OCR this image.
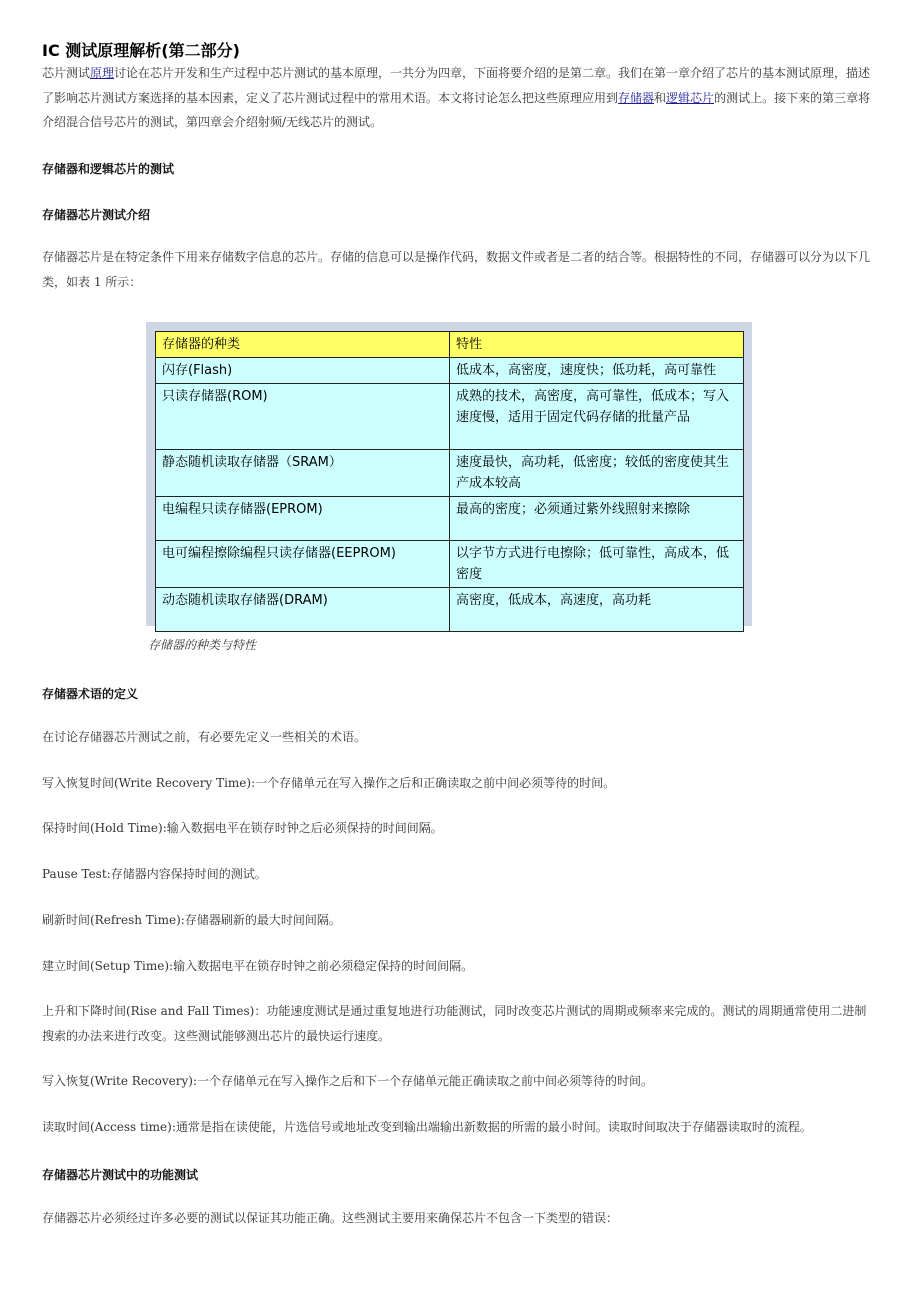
IC 测试原理解析(第二部分)
芯片测试原理讨论在芯片开发和生产过程中芯片测试的基本原理，一共分为四章，下面将要介绍的是第二章。我们在第一章介绍了芯片的基本测试原理，描述了影响芯片测试方案选择的基本因素，定义了芯片测试过程中的常用术语。本文将讨论怎么把这些原理应用到存储器和逻辑芯片的测试上。接下来的第三章将介绍混合信号芯片的测试，第四章会介绍射频/无线芯片的测试。
存储器和逻辑芯片的测试
存储器芯片测试介绍
存储器芯片是在特定条件下用来存储数字信息的芯片。存储的信息可以是操作代码，数据文件或者是二者的结合等。根据特性的不同，存储器可以分为以下几类，如表 1 所示：
存储器的种类	特性
闪存(Flash)	低成本，高密度，速度快；低功耗，高可靠性
只读存储器(ROM)	成熟的技术，高密度，高可靠性，低成本；写入速度慢，适用于固定代码存储的批量产品
静态随机读取存储器（SRAM）	速度最快，高功耗，低密度；较低的密度使其生产成本较高
电编程只读存储器(EPROM)	最高的密度；必须通过紫外线照射来擦除
电可编程擦除编程只读存储器(EEPROM)	以字节方式进行电擦除；低可靠性，高成本，低密度
动态随机读取存储器(DRAM)	高密度，低成本，高速度，高功耗
存储器的种类与特性
存储器术语的定义
在讨论存储器芯片测试之前，有必要先定义一些相关的术语。
写入恢复时间(Write Recovery Time):一个存储单元在写入操作之后和正确读取之前中间必须等待的时间。
保持时间(Hold Time):输入数据电平在锁存时钟之后必须保持的时间间隔。
Pause Test:存储器内容保持时间的测试。
刷新时间(Refresh Time):存储器刷新的最大时间间隔。
建立时间(Setup Time):输入数据电平在锁存时钟之前必须稳定保持的时间间隔。
上升和下降时间(Rise and Fall Times)：功能速度测试是通过重复地进行功能测试，同时改变芯片测试的周期或频率来完成的。测试的周期通常使用二进制搜索的办法来进行改变。这些测试能够测出芯片的最快运行速度。
写入恢复(Write Recovery):一个存储单元在写入操作之后和下一个存储单元能正确读取之前中间必须等待的时间。
读取时间(Access time):通常是指在读使能，片选信号或地址改变到输出端输出新数据的所需的最小时间。读取时间取决于存储器读取时的流程。
存储器芯片测试中的功能测试
存储器芯片必须经过许多必要的测试以保证其功能正确。这些测试主要用来确保芯片不包含一下类型的错误：
